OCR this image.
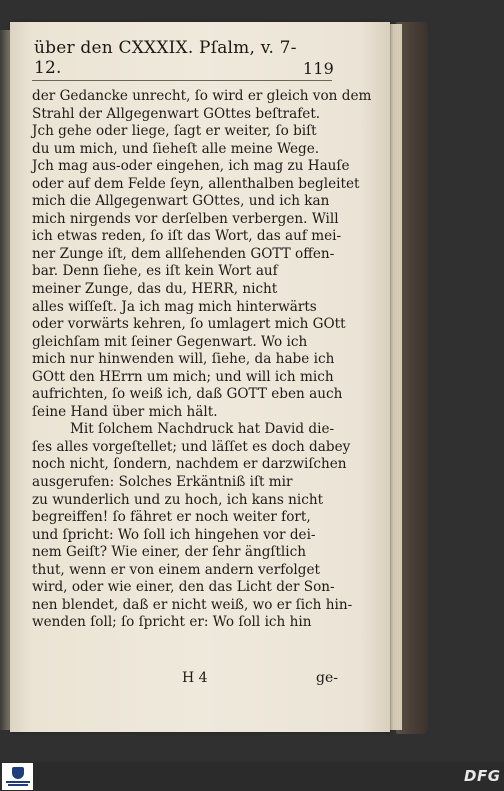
über den CXXXIX. Pſalm, v. 7-12.	119
der Gedancke unrecht, ſo wird er gleich von dem
Strahl der Allgegenwart GOttes beſtrafet.
Jch gehe oder liege, ſagt er weiter, ſo biſt
du um mich, und ſieheſt alle meine Wege.
Jch mag aus-oder eingehen, ich mag zu Hauſe
oder auf dem Felde ſeyn, allenthalben begleitet
mich die Allgegenwart GOttes, und ich kan
mich nirgends vor derſelben verbergen. Will
ich etwas reden, ſo iſt das Wort, das auf mei-
ner Zunge iſt, dem allſehenden GOTT offen-
bar. Denn ſiehe, es iſt kein Wort auf
meiner Zunge, das du, HERR, nicht
alles wiſſeſt. Ja ich mag mich hinterwärts
oder vorwärts kehren, ſo umlagert mich GOtt
gleichſam mit ſeiner Gegenwart. Wo ich
mich nur hinwenden will, ſiehe, da habe ich
GOtt den HErrn um mich; und will ich mich
aufrichten, ſo weiß ich, daß GOTT eben auch
ſeine Hand über mich hält.
Mit ſolchem Nachdruck hat David die-
ſes alles vorgeſtellet; und läſſet es doch dabey
noch nicht, ſondern, nachdem er darzwiſchen
ausgerufen: Solches Erkäntniß iſt mir
zu wunderlich und zu hoch, ich kans nicht
begreiffen! ſo fähret er noch weiter fort,
und ſpricht: Wo ſoll ich hingehen vor dei-
nem Geiſt? Wie einer, der ſehr ängſtlich
thut, wenn er von einem andern verfolget
wird, oder wie einer, den das Licht der Son-
nen blendet, daß er nicht weiß, wo er ſich hin-
wenden ſoll; ſo ſpricht er: Wo ſoll ich hin
H 4	ge-
DFG
